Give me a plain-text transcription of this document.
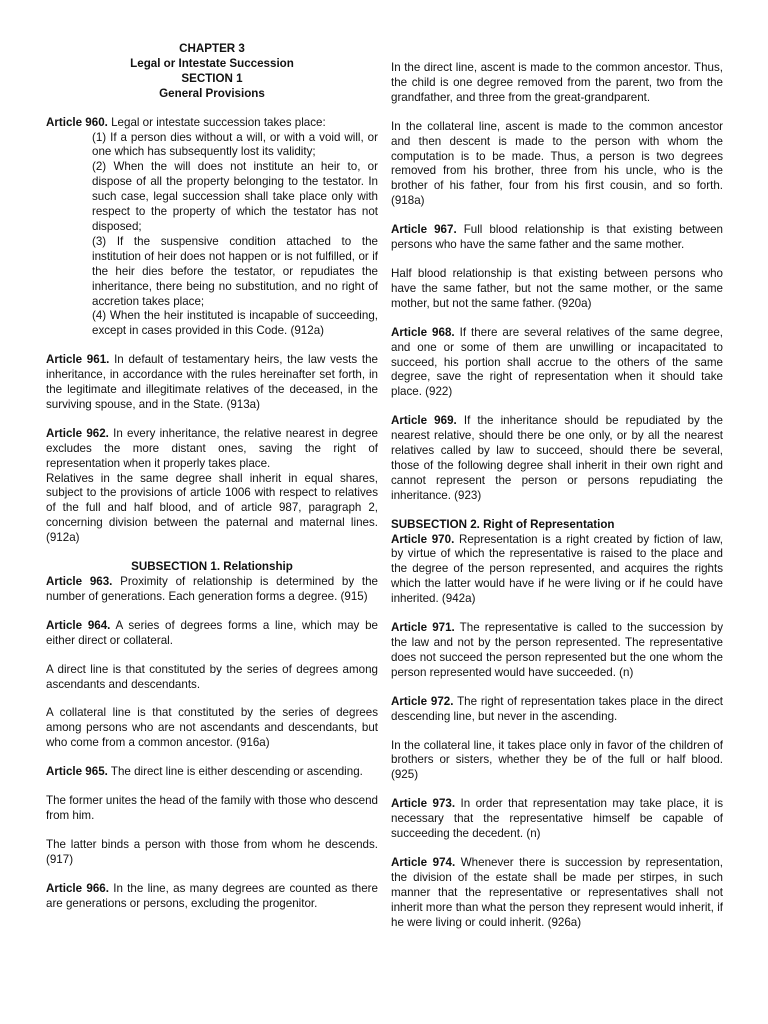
CHAPTER 3
Legal or Intestate Succession
SECTION 1
General Provisions

Article 960. Legal or intestate succession takes place:

(1) If a person dies without a will, or with a void will, or one which has subsequently lost its validity;
(2) When the will does not institute an heir to, or dispose of all the property belonging to the testator. In such case, legal succession shall take place only with respect to the property of which the testator has not disposed;
(3) If the suspensive condition attached to the institution of heir does not happen or is not fulfilled, or if the heir dies before the testator, or repudiates the inheritance, there being no substitution, and no right of accretion takes place;
(4) When the heir instituted is incapable of succeeding, except in cases provided in this Code. (912a)

Article 961. In default of testamentary heirs, the law vests the inheritance, in accordance with the rules hereinafter set forth, in the legitimate and illegitimate relatives of the deceased, in the surviving spouse, and in the State. (913a)

Article 962. In every inheritance, the relative nearest in degree excludes the more distant ones, saving the right of representation when it properly takes place.

Relatives in the same degree shall inherit in equal shares, subject to the provisions of article 1006 with respect to relatives of the full and half blood, and of article 987, paragraph 2, concerning division between the paternal and maternal lines. (912a)

SUBSECTION 1. Relationship

Article 963. Proximity of relationship is determined by the number of generations. Each generation forms a degree. (915)

Article 964. A series of degrees forms a line, which may be either direct or collateral.

A direct line is that constituted by the series of degrees among ascendants and descendants.

A collateral line is that constituted by the series of degrees among persons who are not ascendants and descendants, but who come from a common ancestor. (916a)

Article 965. The direct line is either descending or ascending.

The former unites the head of the family with those who descend from him.

The latter binds a person with those from whom he descends. (917)

Article 966. In the line, as many degrees are counted as there are generations or persons, excluding the progenitor.

In the direct line, ascent is made to the common ancestor. Thus, the child is one degree removed from the parent, two from the grandfather, and three from the great-grandparent.

In the collateral line, ascent is made to the common ancestor and then descent is made to the person with whom the computation is to be made. Thus, a person is two degrees removed from his brother, three from his uncle, who is the brother of his father, four from his first cousin, and so forth. (918a)

Article 967. Full blood relationship is that existing between persons who have the same father and the same mother.

Half blood relationship is that existing between persons who have the same father, but not the same mother, or the same mother, but not the same father. (920a)

Article 968. If there are several relatives of the same degree, and one or some of them are unwilling or incapacitated to succeed, his portion shall accrue to the others of the same degree, save the right of representation when it should take place. (922)

Article 969. If the inheritance should be repudiated by the nearest relative, should there be one only, or by all the nearest relatives called by law to succeed, should there be several, those of the following degree shall inherit in their own right and cannot represent the person or persons repudiating the inheritance. (923)

SUBSECTION 2. Right of Representation

Article 970. Representation is a right created by fiction of law, by virtue of which the representative is raised to the place and the degree of the person represented, and acquires the rights which the latter would have if he were living or if he could have inherited. (942a)

Article 971. The representative is called to the succession by the law and not by the person represented. The representative does not succeed the person represented but the one whom the person represented would have succeeded. (n)

Article 972. The right of representation takes place in the direct descending line, but never in the ascending.

In the collateral line, it takes place only in favor of the children of brothers or sisters, whether they be of the full or half blood. (925)

Article 973. In order that representation may take place, it is necessary that the representative himself be capable of succeeding the decedent. (n)

Article 974. Whenever there is succession by representation, the division of the estate shall be made per stirpes, in such manner that the representative or representatives shall not inherit more than what the person they represent would inherit, if he were living or could inherit. (926a)
